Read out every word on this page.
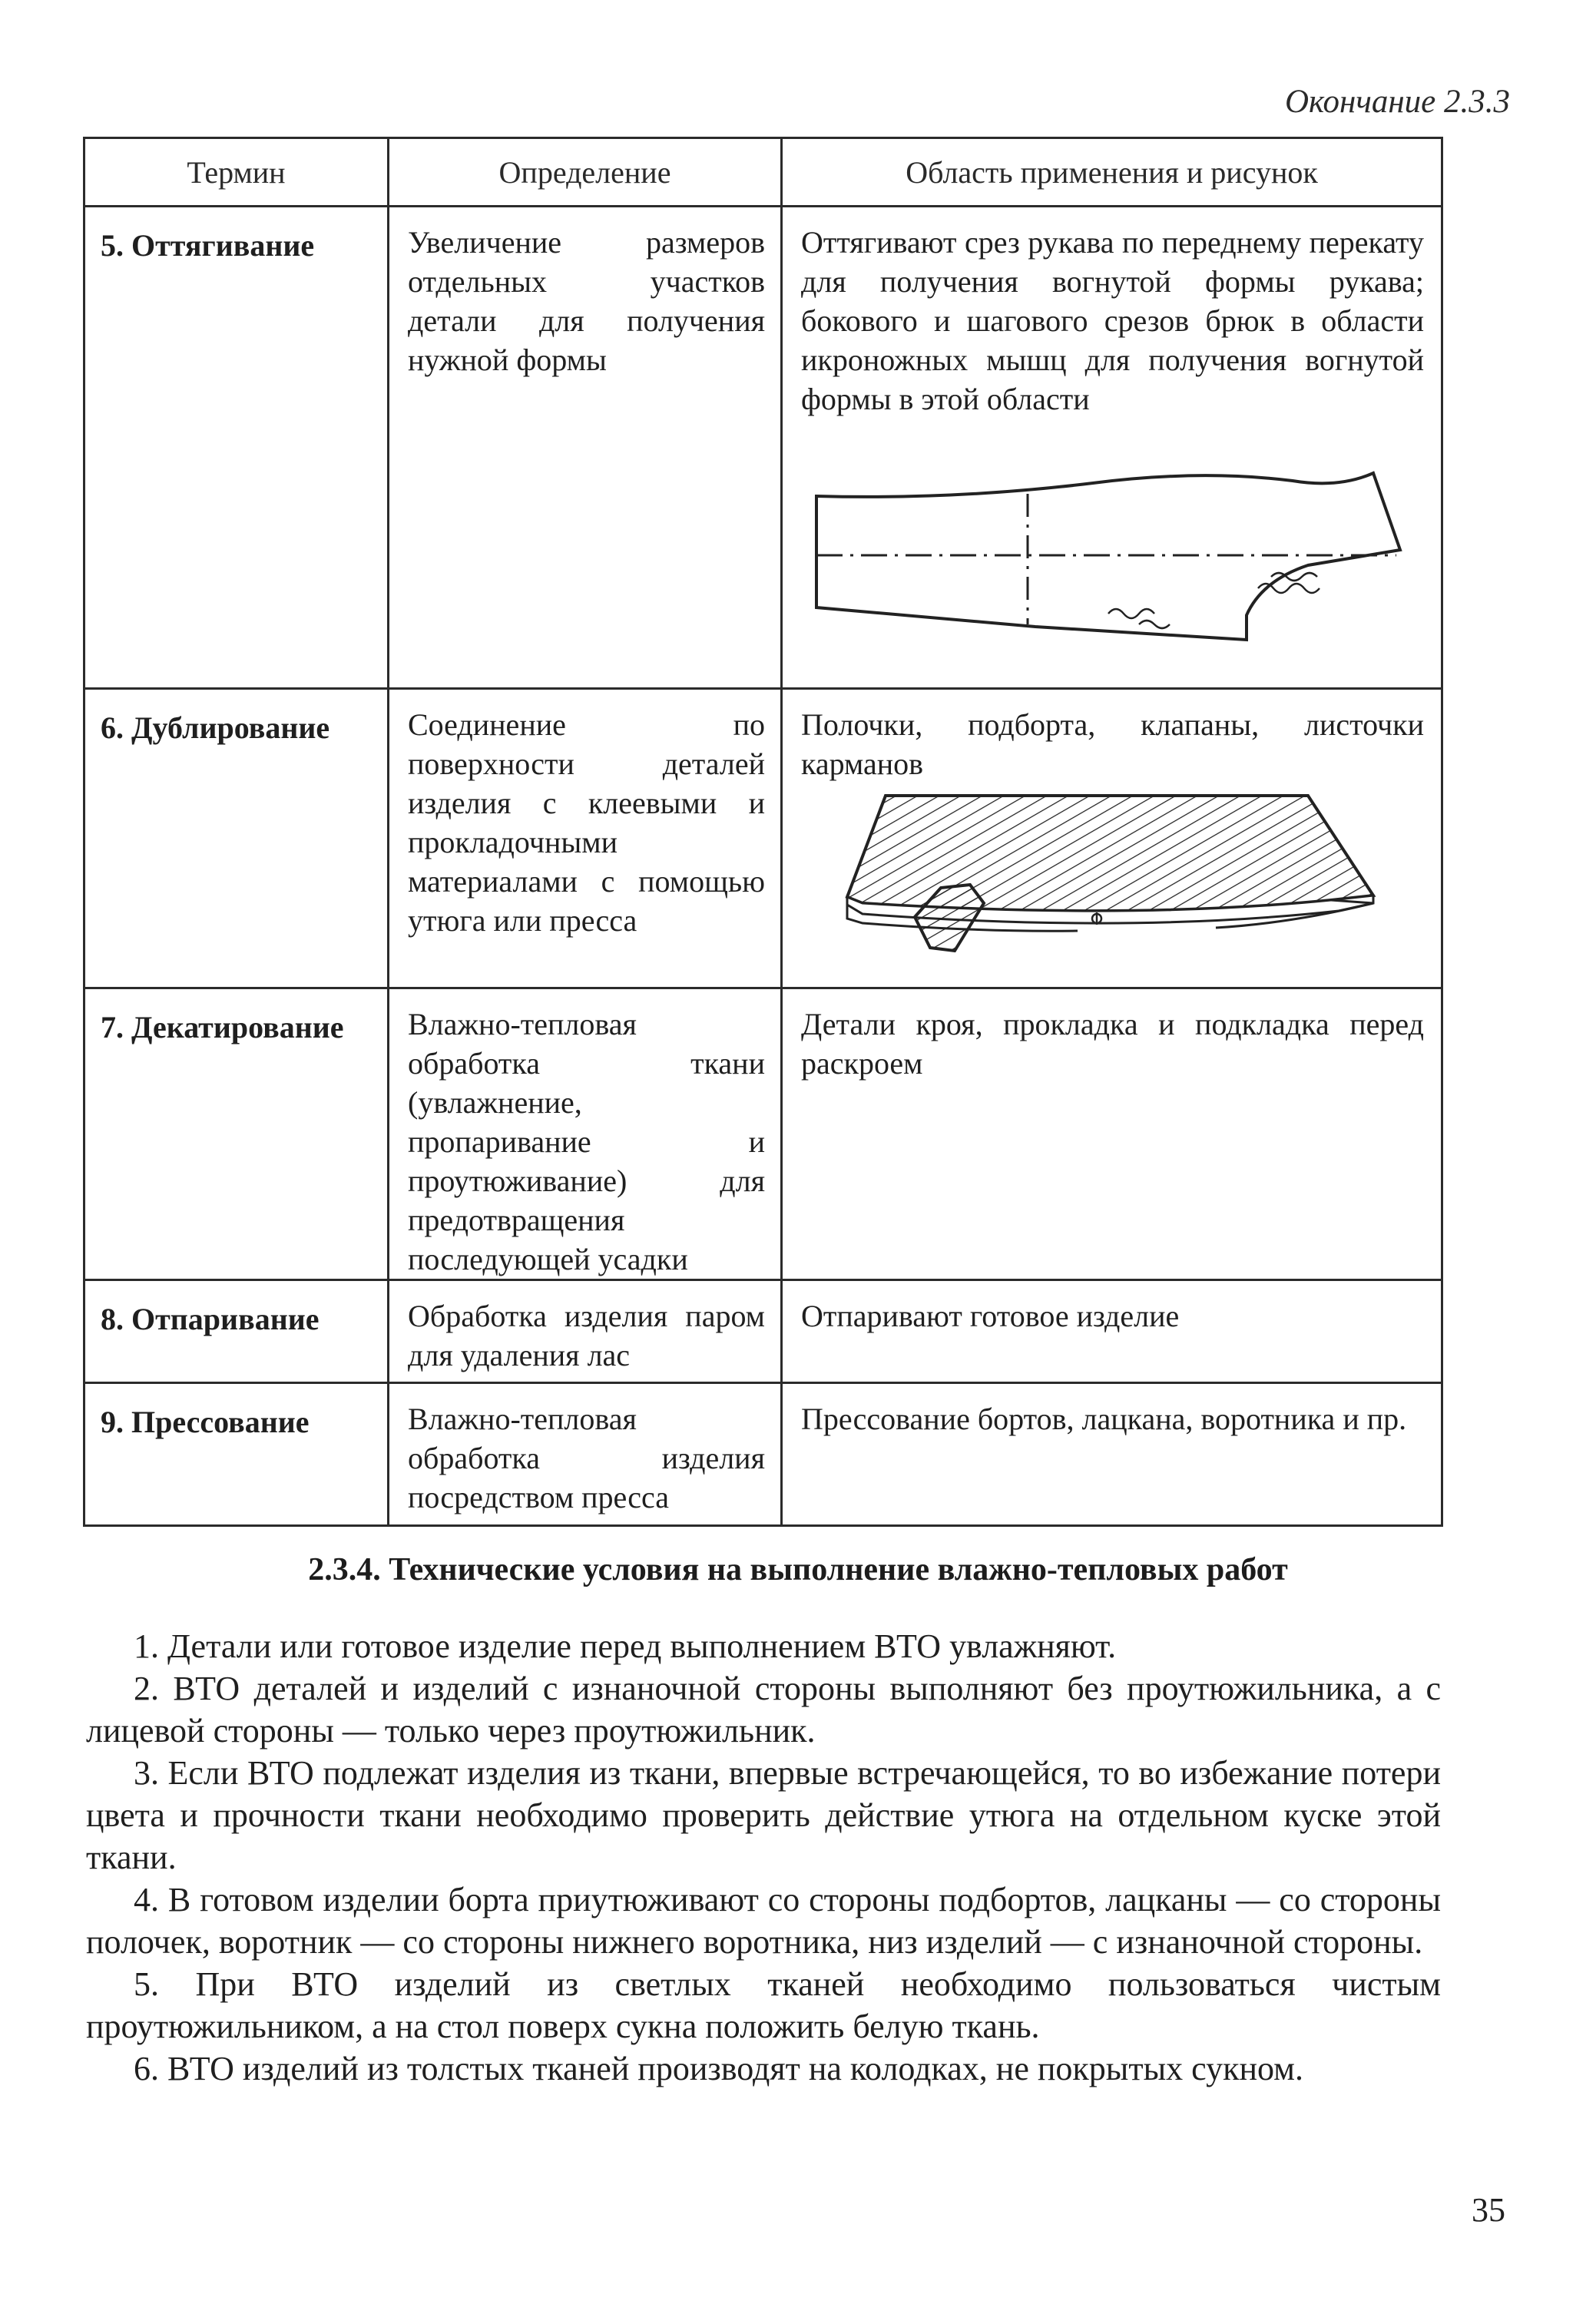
Окончание 2.3.3
Термин	Определение	Область применения и рисунок
5. Оттягивание	Увеличение размеров отдельных участков детали для получения нужной формы	Оттягивают срез рукава по переднему перекату для получения вогнутой формы рукава; бокового и шагового срезов брюк в области икроножных мышц для получения вогнутой формы в этой области

6. Дублирование	Соединение по поверхности деталей изделия с клеевыми и прокладочными материалами с помощью утюга или пресса	Полочки, подборта, клапаны, листочки карманов

7. Декатирование	Влажно-тепловая обработка ткани (увлажнение, пропаривание и проутюживание) для предотвращения последующей усадки	Детали кроя, прокладка и подкладка перед раскроем
8. Отпаривание	Обработка изделия паром для удаления лас	Отпаривают готовое изделие
9. Прессование	Влажно-тепловая обработка изделия посредством пресса	Прессование бортов, лацкана, воротника и пр.
2.3.4. Технические условия на выполнение влажно-тепловых работ

1. Детали или готовое изделие перед выполнением ВТО увлажняют.

2. ВТО деталей и изделий с изнаночной стороны выполняют без проутюжильника, а с лицевой стороны — только через проутюжильник.

3. Если ВТО подлежат изделия из ткани, впервые встречающейся, то во избежание потери цвета и прочности ткани необходимо проверить действие утюга на отдельном куске этой ткани.

4. В готовом изделии борта приутюживают со стороны подбортов, лацканы — со стороны полочек, воротник — со стороны нижнего воротника, низ изделий — с изнаночной стороны.

5. При ВТО изделий из светлых тканей необходимо пользоваться чистым проутюжильником, а на стол поверх сукна положить белую ткань.

6. ВТО изделий из толстых тканей производят на колодках, не покрытых сукном.

35
